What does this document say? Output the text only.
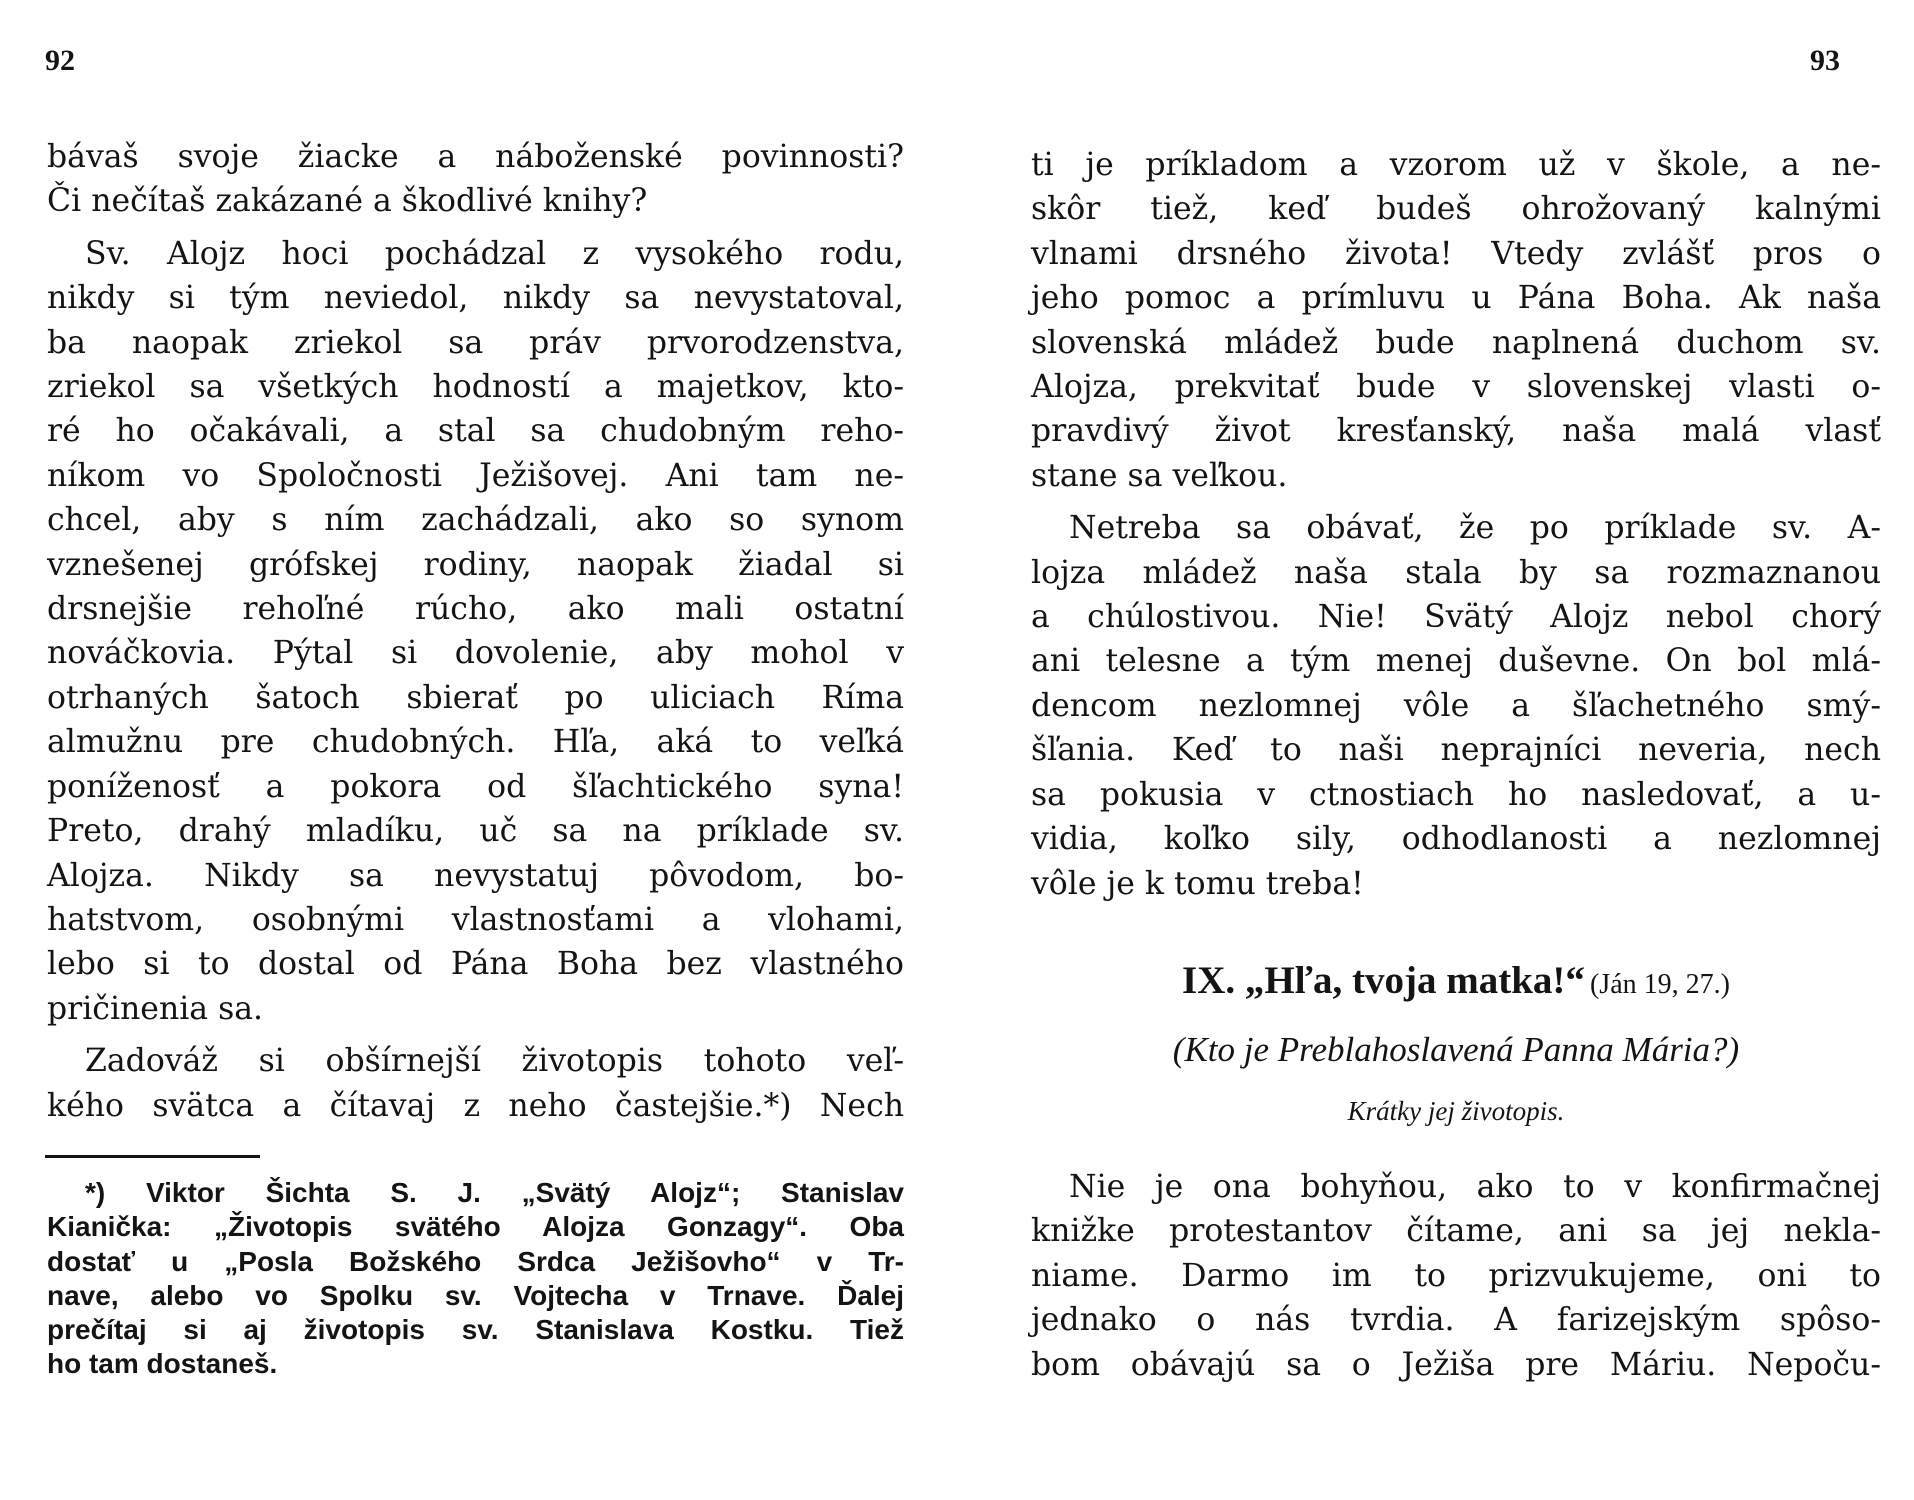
92
bávaš svoje žiacke a náboženské povinnosti?
Či nečítaš zakázané a škodlivé knihy?
Sv. Alojz hoci pochádzal z vysokého rodu,
nikdy si tým neviedol, nikdy sa nevystatoval,
ba naopak zriekol sa práv prvorodzenstva,
zriekol sa všetkých hodností a majetkov, kto-
ré ho očakávali, a stal sa chudobným reho-
níkom vo Spoločnosti Ježišovej. Ani tam ne-
chcel, aby s ním zachádzali, ako so synom
vznešenej grófskej rodiny, naopak žiadal si
drsnejšie rehoľné rúcho, ako mali ostatní
nováčkovia. Pýtal si dovolenie, aby mohol v
otrhaných šatoch sbierať po uliciach Ríma
almužnu pre chudobných. Hľa, aká to veľká
poníženosť a pokora od šľachtického syna!
Preto, drahý mladíku, uč sa na príklade sv.
Alojza. Nikdy sa nevystatuj pôvodom, bo-
hatstvom, osobnými vlastnosťami a vlohami,
lebo si to dostal od Pána Boha bez vlastného
pričinenia sa.
Zadováž si obšírnejší životopis tohoto veľ-
kého svätca a čítavaj z neho častejšie.*) Nech
*) Viktor Šichta S. J. „Svätý Alojz“; Stanislav
Kianička: „Životopis svätého Alojza Gonzagy“. Oba
dostať u „Posla Božského Srdca Ježišovho“ v Tr-
nave, alebo vo Spolku sv. Vojtecha v Trnave. Ďalej
prečítaj si aj životopis sv. Stanislava Kostku. Tiež
ho tam dostaneš.
93
ti je príkladom a vzorom už v škole, a ne-
skôr tiež, keď budeš ohrožovaný kalnými
vlnami drsného života! Vtedy zvlášť pros o
jeho pomoc a prímluvu u Pána Boha. Ak naša
slovenská mládež bude naplnená duchom sv.
Alojza, prekvitať bude v slovenskej vlasti o-
pravdivý život kresťanský, naša malá vlasť
stane sa veľkou.
Netreba sa obávať, že po príklade sv. A-
lojza mládež naša stala by sa rozmaznanou
a chúlostivou. Nie! Svätý Alojz nebol chorý
ani telesne a tým menej duševne. On bol mlá-
dencom nezlomnej vôle a šľachetného smý-
šľania. Keď to naši neprajníci neveria, nech
sa pokusia v ctnostiach ho nasledovať, a u-
vidia, koľko sily, odhodlanosti a nezlomnej
vôle je k tomu treba!
IX. „Hľa, tvoja matka!“ (Ján 19, 27.)
(Kto je Preblahoslavená Panna Mária?)
Krátky jej životopis.
Nie je ona bohyňou, ako to v konfirmačnej
knižke protestantov čítame, ani sa jej nekla-
niame. Darmo im to prizvukujeme, oni to
jednako o nás tvrdia. A farizejským spôso-
bom obávajú sa o Ježiša pre Máriu. Nepoču-
